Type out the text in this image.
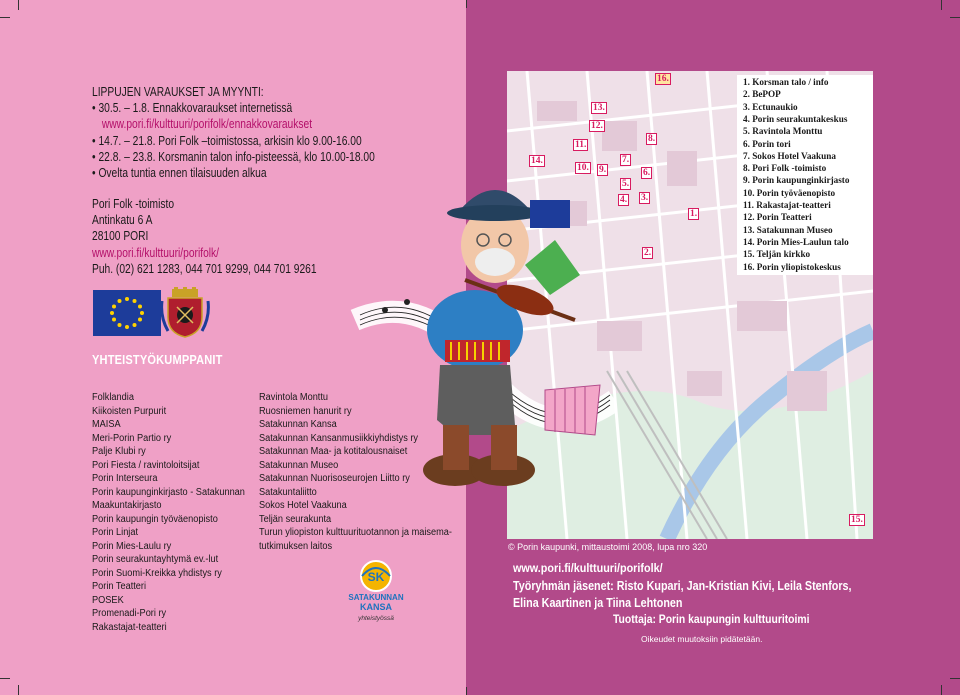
LIPPUJEN VARAUKSET JA MYYNTI:
• 30.5. – 1.8. Ennakkovaraukset internetissä
www.pori.fi/kulttuuri/porifolk/ennakkovaraukset
• 14.7. – 21.8. Pori Folk –toimistossa, arkisin klo 9.00-16.00
• 22.8. – 23.8. Korsmanin talon info-pisteessä, klo 10.00-18.00
• Ovelta tuntia ennen tilaisuuden alkua
Pori Folk -toimisto
Antinkatu 6 A
28100 PORI
www.pori.fi/kulttuuri/porifolk/
Puh. (02) 621 1283, 044 701 9299, 044 701 9261
YHTEISTYÖKUMPPANIT
Folklandia
Kiikoisten Purpurit
MAISA
Meri-Porin Partio ry
Palje Klubi ry
Pori Fiesta / ravintoloitsijat
Porin Interseura
Porin kaupunginkirjasto - Satakunnan
Maakuntakirjasto
Porin kaupungin työväenopisto
Porin Linjat
Porin Mies-Laulu ry
Porin seurakuntayhtymä ev.-lut
Porin Suomi-Kreikka yhdistys ry
Porin Teatteri
POSEK
Promenadi-Pori ry
Rakastajat-teatteri
Ravintola Monttu
Ruosniemen hanurit ry
Satakunnan Kansa
Satakunnan Kansanmusiikkiyhdistys ry
Satakunnan Maa- ja kotitalousnaiset
Satakunnan Museo
Satakunnan Nuorisoseurojen Liitto ry
Satakuntaliitto
Sokos Hotel Vaakuna
Teljän seurakunta
Turun yliopiston kulttuurituotannon ja maisema-
tutkimuksen laitos
SK
SATAKUNNAN
KANSA
yhteistyössä
16.
13.
12.
11.
8.
7.
14.
10. 9.	6.
5.
4. 3.
1.
2.
15.
© Porin kaupunki, mittaustoimi 2008, lupa nro 320
www.pori.fi/kulttuuri/porifolk/
Työryhmän jäsenet: Risto Kupari, Jan-Kristian Kivi, Leila Stenfors,
Elina Kaartinen ja Tiina Lehtonen
Tuottaja: Porin kaupungin kulttuuritoimi
Oikeudet muutoksiin pidätetään.
1. Korsman talo / info
2. BePOP
3. Ectunaukio
4. Porin seurakuntakeskus
5. Ravintola Monttu
6. Porin tori
7. Sokos Hotel Vaakuna
8. Pori Folk -toimisto
9. Porin kaupunginkirjasto
10. Porin työväenopisto
11. Rakastajat-teatteri
12. Porin Teatteri
13. Satakunnan Museo
14. Porin Mies-Laulun talo
15. Teljän kirkko
16. Porin yliopistokeskus
